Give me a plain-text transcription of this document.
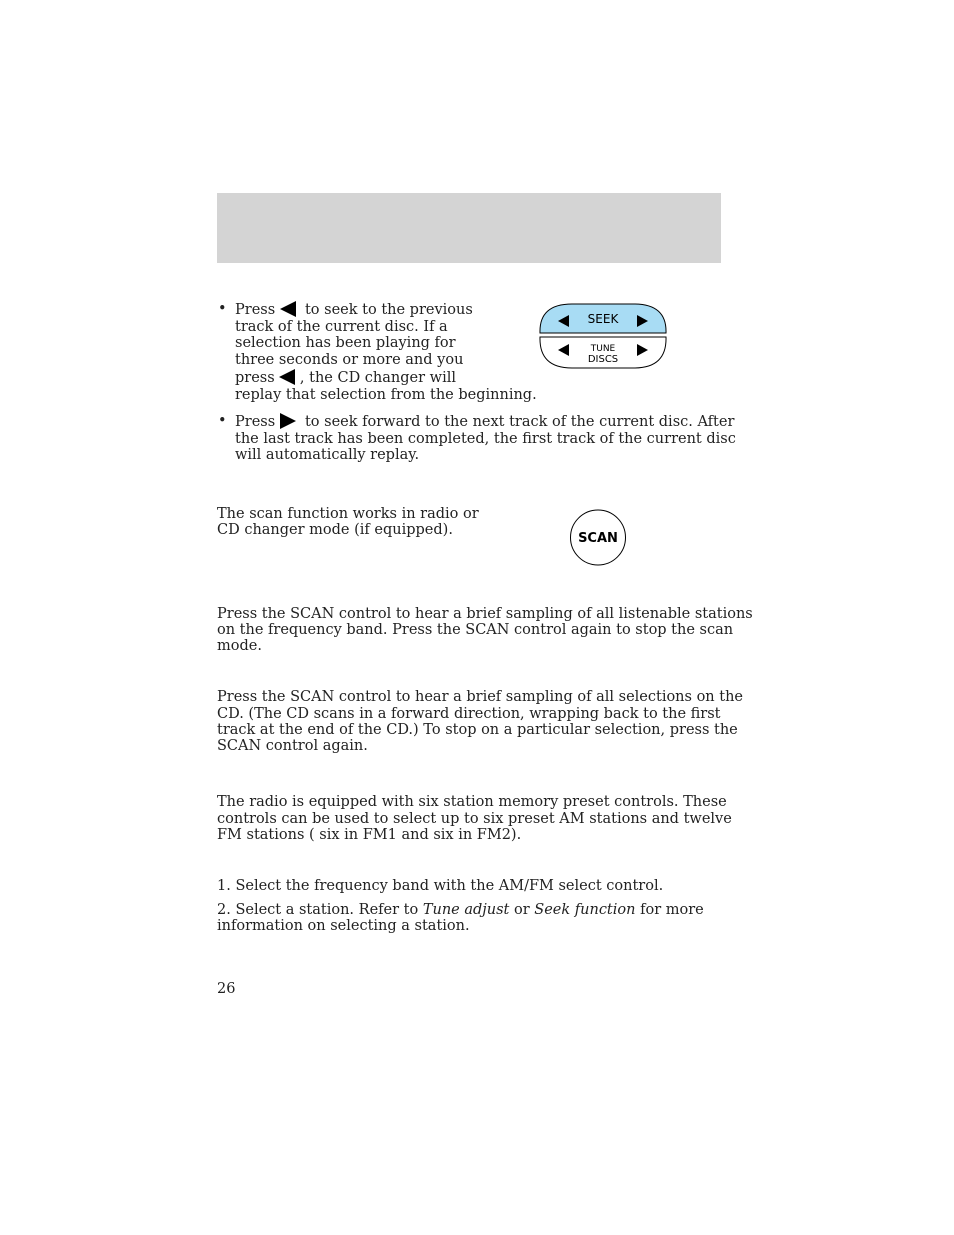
• Press to seek to the previous
track of the current disc. If a
selection has been playing for
three seconds or more and you
press , the CD changer will
replay that selection from the beginning.
• Press to seek forward to the next track of the current disc. After
the last track has been completed, the first track of the current disc
will automatically replay.
SEEK
TUNE
DISCS
The scan function works in radio or
CD changer mode (if equipped).
SCAN
Press the SCAN control to hear a brief sampling of all listenable stations
on the frequency band. Press the SCAN control again to stop the scan
mode.
Press the SCAN control to hear a brief sampling of all selections on the
CD. (The CD scans in a forward direction, wrapping back to the first
track at the end of the CD.) To stop on a particular selection, press the
SCAN control again.
The radio is equipped with six station memory preset controls. These
controls can be used to select up to six preset AM stations and twelve
FM stations ( six in FM1 and six in FM2).
1. Select the frequency band with the AM/FM select control.
2. Select a station. Refer to Tune adjust or Seek function for more
information on selecting a station.
26
